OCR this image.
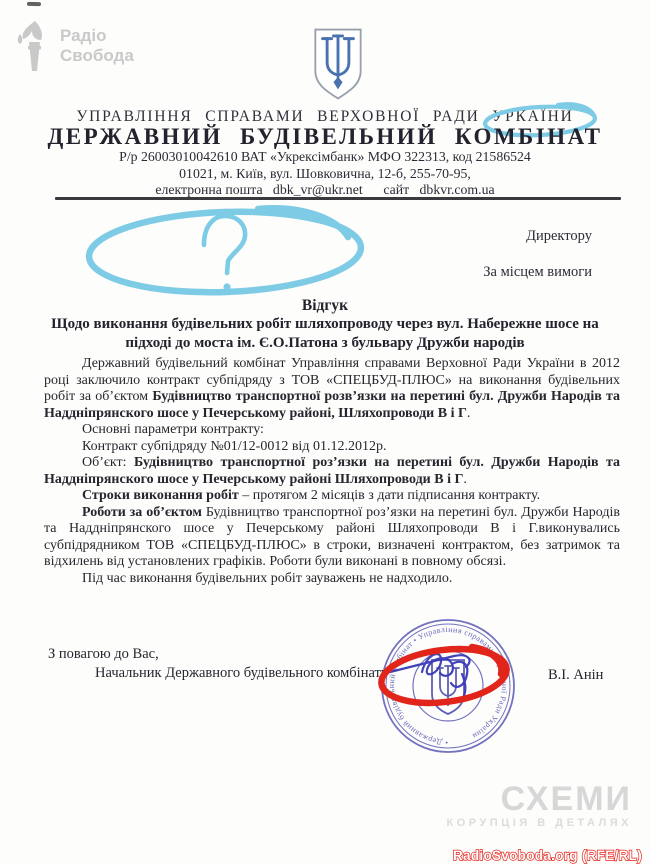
Радіо
Свобода
УПРАВЛІННЯ СПРАВАМИ ВЕРХОВНОЇ РАДИ УРКАЇНИ
ДЕРЖАВНИЙ БУДІВЕЛЬНИЙ КОМБІНАТ
Р/р 26003010042610 ВАТ «Укрексімбанк» МФО 322313, код 21586524
01021, м. Київ, вул. Шовковична, 12-б, 255-70-95,
електронна пошта   dbk_vr@ukr.net      сайт   dbkvr.com.ua
Директору
За місцем вимоги
Відгук
Щодо виконання будівельних робіт шляхопроводу через вул. Набережне шосе на підході до моста ім. Є.О.Патона з бульвару Дружби народів

Державний будівельний комбінат Управління справами Верховної Ради України в 2012 році заключило контракт субпідряду з ТОВ «СПЕЦБУД-ПЛЮС» на виконання будівельних робіт за об’єктом Будівництво транспортної розв’язки на перетині бул. Дружби Народів та Наддніпрянского шосе у Печерському районі, Шляхопроводи В і Г.

Основні параметри контракту:

Контракт субпідряду №01/12-0012 від 01.12.2012р.

Об’єкт: Будівництво транспортної роз’язки на перетині бул. Дружби Народів та Наддніпрянского шосе у Печерському районі Шляхопроводи В і Г.

Строки виконання робіт – протягом 2 місяців з дати підписання контракту.

Роботи за об’єктом Будівництво транспортної роз’язки на перетині бул. Дружби Народів та Наддніпрянского шосе у Печерському районі Шляхопроводи В і Г.виконувались субпідрядником ТОВ «СПЕЦБУД-ПЛЮС» в строки, визначені контрактом, без затримок та відхилень від установлених графіків. Роботи були виконані в повному обсязі.

Під час виконання будівельних робіт зауважень не надходило.

З повагою до Вас,
Начальник Державного будівельного комбінату	В.І. Анін
• Державний будівельний комбінат • Управління справами Верховної Ради України
СХЕМИ
КОРУПЦІЯ В ДЕТАЛЯХ
RadioSvoboda.org (RFE/RL)
